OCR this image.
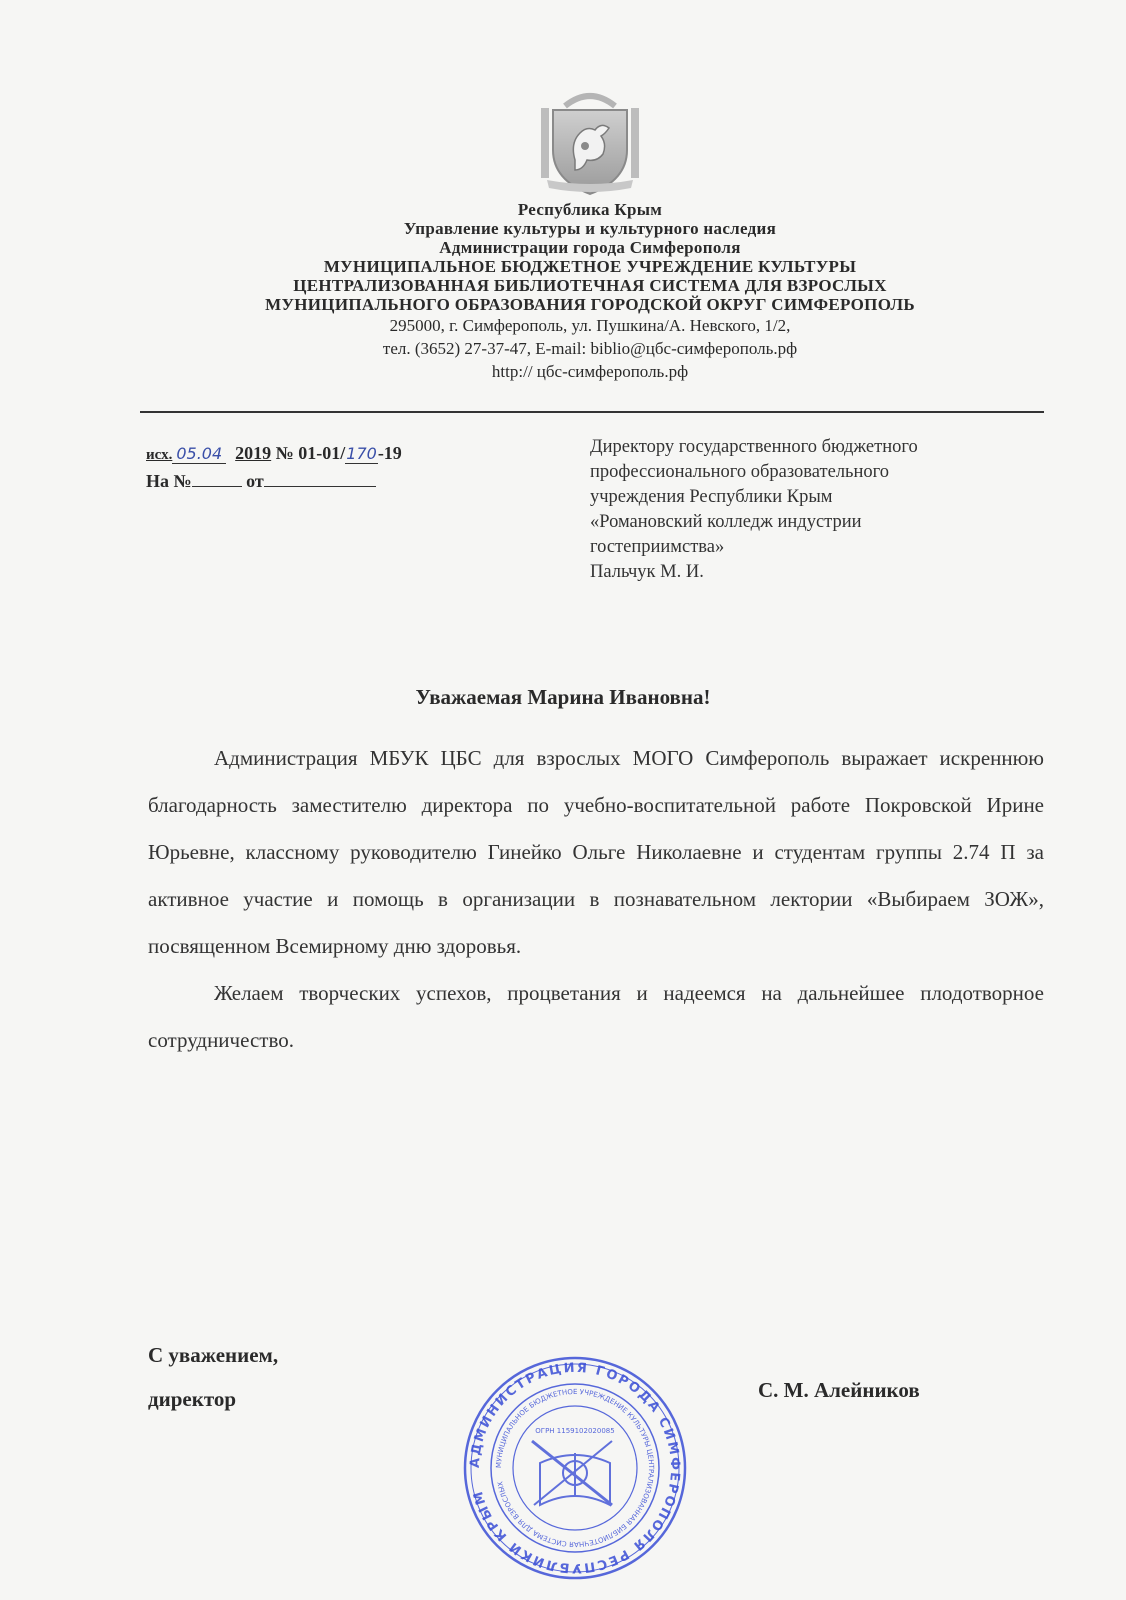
Республика Крым
Управление культуры и культурного наследия
Администрации города Симферополя
МУНИЦИПАЛЬНОЕ БЮДЖЕТНОЕ УЧРЕЖДЕНИЕ КУЛЬТУРЫ
ЦЕНТРАЛИЗОВАННАЯ БИБЛИОТЕЧНАЯ СИСТЕМА ДЛЯ ВЗРОСЛЫХ
МУНИЦИПАЛЬНОГО ОБРАЗОВАНИЯ ГОРОДСКОЙ ОКРУГ СИМФЕРОПОЛЬ
295000, г. Симферополь, ул. Пушкина/А. Невского, 1/2,
тел. (3652) 27-37-47, E-mail: biblio@цбс-симферополь.рф
http:// цбс-симферополь.рф
исх. 05.04 2019 № 01-01/170-19
На №	от
Директору государственного бюджетного
профессионального образовательного
учреждения Республики Крым
«Романовский колледж индустрии
гостеприимства»
Пальчук М. И.
Уважаемая Марина Ивановна!

Администрация МБУК ЦБС для взрослых МОГО Симферополь выражает искреннюю благодарность заместителю директора по учебно-воспитательной работе Покровской Ирине Юрьевне, классному руководителю Гинейко Ольге Николаевне и студентам группы 2.74 П за активное участие и помощь в организации в познавательном лектории «Выбираем ЗОЖ», посвященном Всемирному дню здоровья.

Желаем творческих успехов, процветания и надеемся на дальнейшее плодотворное сотрудничество.

С уважением,
директор	С. М. Алейников
АДМИНИСТРАЦИЯ ГОРОДА СИМФЕРОПОЛЯ РЕСПУБЛИКИ КРЫМ
МУНИЦИПАЛЬНОЕ БЮДЖЕТНОЕ УЧРЕЖДЕНИЕ КУЛЬТУРЫ ЦЕНТРАЛИЗОВАННАЯ БИБЛИОТЕЧНАЯ СИСТЕМА ДЛЯ ВЗРОСЛЫХ
ОГРН 1159102020085
